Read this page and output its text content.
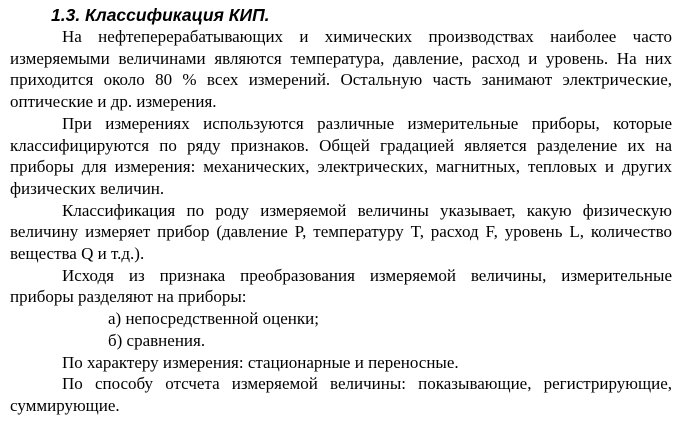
1.3. Классификация КИП.

На нефтеперерабатывающих и химических производствах наиболее часто измеряемыми величинами являются температура, давление, расход и уровень. На них приходится около 80 % всех измерений. Остальную часть занимают электрические, оптические и др. измерения.

При измерениях используются различные измерительные приборы, которые классифицируются по ряду признаков. Общей градацией является разделение их на приборы для измерения: механических, электрических, магнитных, тепловых и других физических величин.

Классификация по роду измеряемой величины указывает, какую физическую величину измеряет прибор (давление P, температуру T, расход F, уровень L, количество вещества Q и т.д.).

Исходя из признака преобразования измеряемой величины, измерительные приборы разделяют на приборы:

а) непосредственной оценки;

б) сравнения.

По характеру измерения: стационарные и переносные.

По способу отсчета измеряемой величины: показывающие, регистрирующие, суммирующие.
